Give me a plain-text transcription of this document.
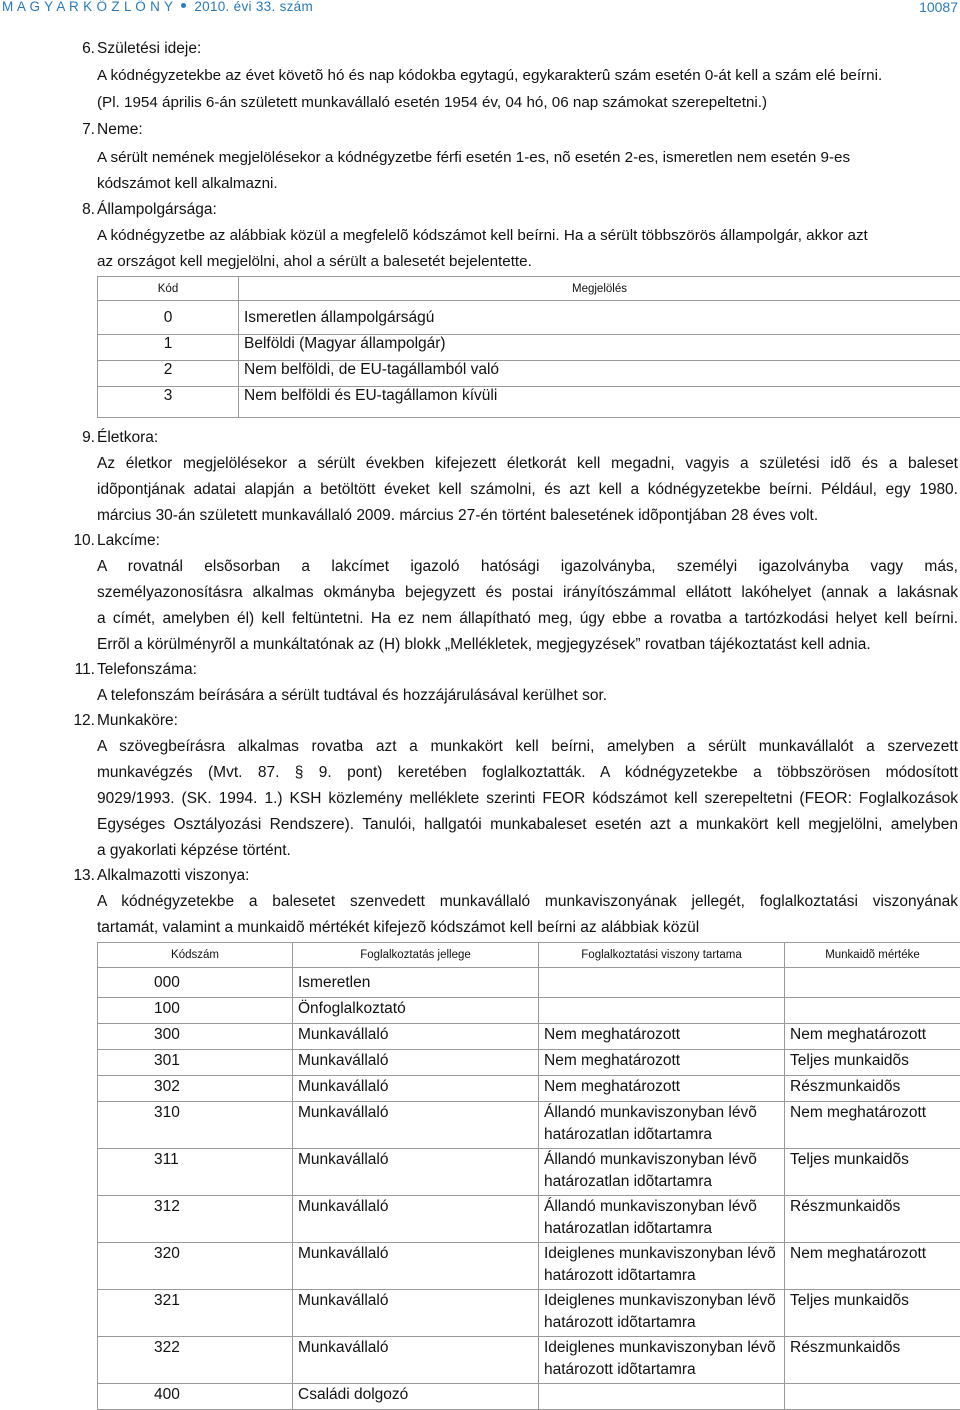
M A G Y A R K Ö Z L Ö N Y 2010. évi 33. szám	10087
6. Születési ideje:
A kódnégyzetekbe az évet követõ hó és nap kódokba egytagú, egykarakterû szám esetén 0-át kell a szám elé beírni.
(Pl. 1954 április 6-án született munkavállaló esetén 1954 év, 04 hó, 06 nap számokat szerepeltetni.)
7. Neme:
A sérült nemének megjelölésekor a kódnégyzetbe férfi esetén 1-es, nõ esetén 2-es, ismeretlen nem esetén 9-es
kódszámot kell alkalmazni.
8. Állampolgársága:
A kódnégyzetbe az alábbiak közül a megfelelõ kódszámot kell beírni. Ha a sérült többszörös állampolgár, akkor azt
az országot kell megjelölni, ahol a sérült a balesetét bejelentette.
Kód	Megjelölés
0	Ismeretlen állampolgárságú
1	Belföldi (Magyar állampolgár)
2	Nem belföldi, de EU-tagállamból való
3	Nem belföldi és EU-tagállamon kívüli
9. Életkora:
Az életkor megjelölésekor a sérült években kifejezett életkorát kell megadni, vagyis a születési idõ és a baleset
idõpontjának adatai alapján a betöltött éveket kell számolni, és azt kell a kódnégyzetekbe beírni. Például, egy 1980.
március 30-án született munkavállaló 2009. március 27-én történt balesetének idõpontjában 28 éves volt.
10. Lakcíme:
A rovatnál elsõsorban a lakcímet igazoló hatósági igazolványba, személyi igazolványba vagy más,
személyazonosításra alkalmas okmányba bejegyzett és postai irányítószámmal ellátott lakóhelyet (annak a lakásnak
a címét, amelyben él) kell feltüntetni. Ha ez nem állapítható meg, úgy ebbe a rovatba a tartózkodási helyet kell beírni.
Errõl a körülményrõl a munkáltatónak az (H) blokk „Mellékletek, megjegyzések” rovatban tájékoztatást kell adnia.
11. Telefonszáma:
A telefonszám beírására a sérült tudtával és hozzájárulásával kerülhet sor.
12. Munkaköre:
A szövegbeírásra alkalmas rovatba azt a munkakört kell beírni, amelyben a sérült munkavállalót a szervezett
munkavégzés (Mvt. 87. § 9. pont) keretében foglalkoztatták. A kódnégyzetekbe a többszörösen módosított
9029/1993. (SK. 1994. 1.) KSH közlemény melléklete szerinti FEOR kódszámot kell szerepeltetni (FEOR: Foglalkozások
Egységes Osztályozási Rendszere). Tanulói, hallgatói munkabaleset esetén azt a munkakört kell megjelölni, amelyben
a gyakorlati képzése történt.
13. Alkalmazotti viszonya:
A kódnégyzetekbe a balesetet szenvedett munkavállaló munkaviszonyának jellegét, foglalkoztatási viszonyának
tartamát, valamint a munkaidõ mértékét kifejezõ kódszámot kell beírni az alábbiak közül
Kódszám	Foglalkoztatás jellege	Foglalkoztatási viszony tartama	Munkaidõ mértéke
000	Ismeretlen		
100	Önfoglalkoztató		
300	Munkavállaló	Nem meghatározott	Nem meghatározott
301	Munkavállaló	Nem meghatározott	Teljes munkaidõs
302	Munkavállaló	Nem meghatározott	Részmunkaidõs
310	Munkavállaló	Állandó munkaviszonyban lévõ határozatlan idõtartamra	Nem meghatározott
311	Munkavállaló	Állandó munkaviszonyban lévõ határozatlan idõtartamra	Teljes munkaidõs
312	Munkavállaló	Állandó munkaviszonyban lévõ határozatlan idõtartamra	Részmunkaidõs
320	Munkavállaló	Ideiglenes munkaviszonyban lévõ határozott idõtartamra	Nem meghatározott
321	Munkavállaló	Ideiglenes munkaviszonyban lévõ határozott idõtartamra	Teljes munkaidõs
322	Munkavállaló	Ideiglenes munkaviszonyban lévõ határozott idõtartamra	Részmunkaidõs
400	Családi dolgozó		
